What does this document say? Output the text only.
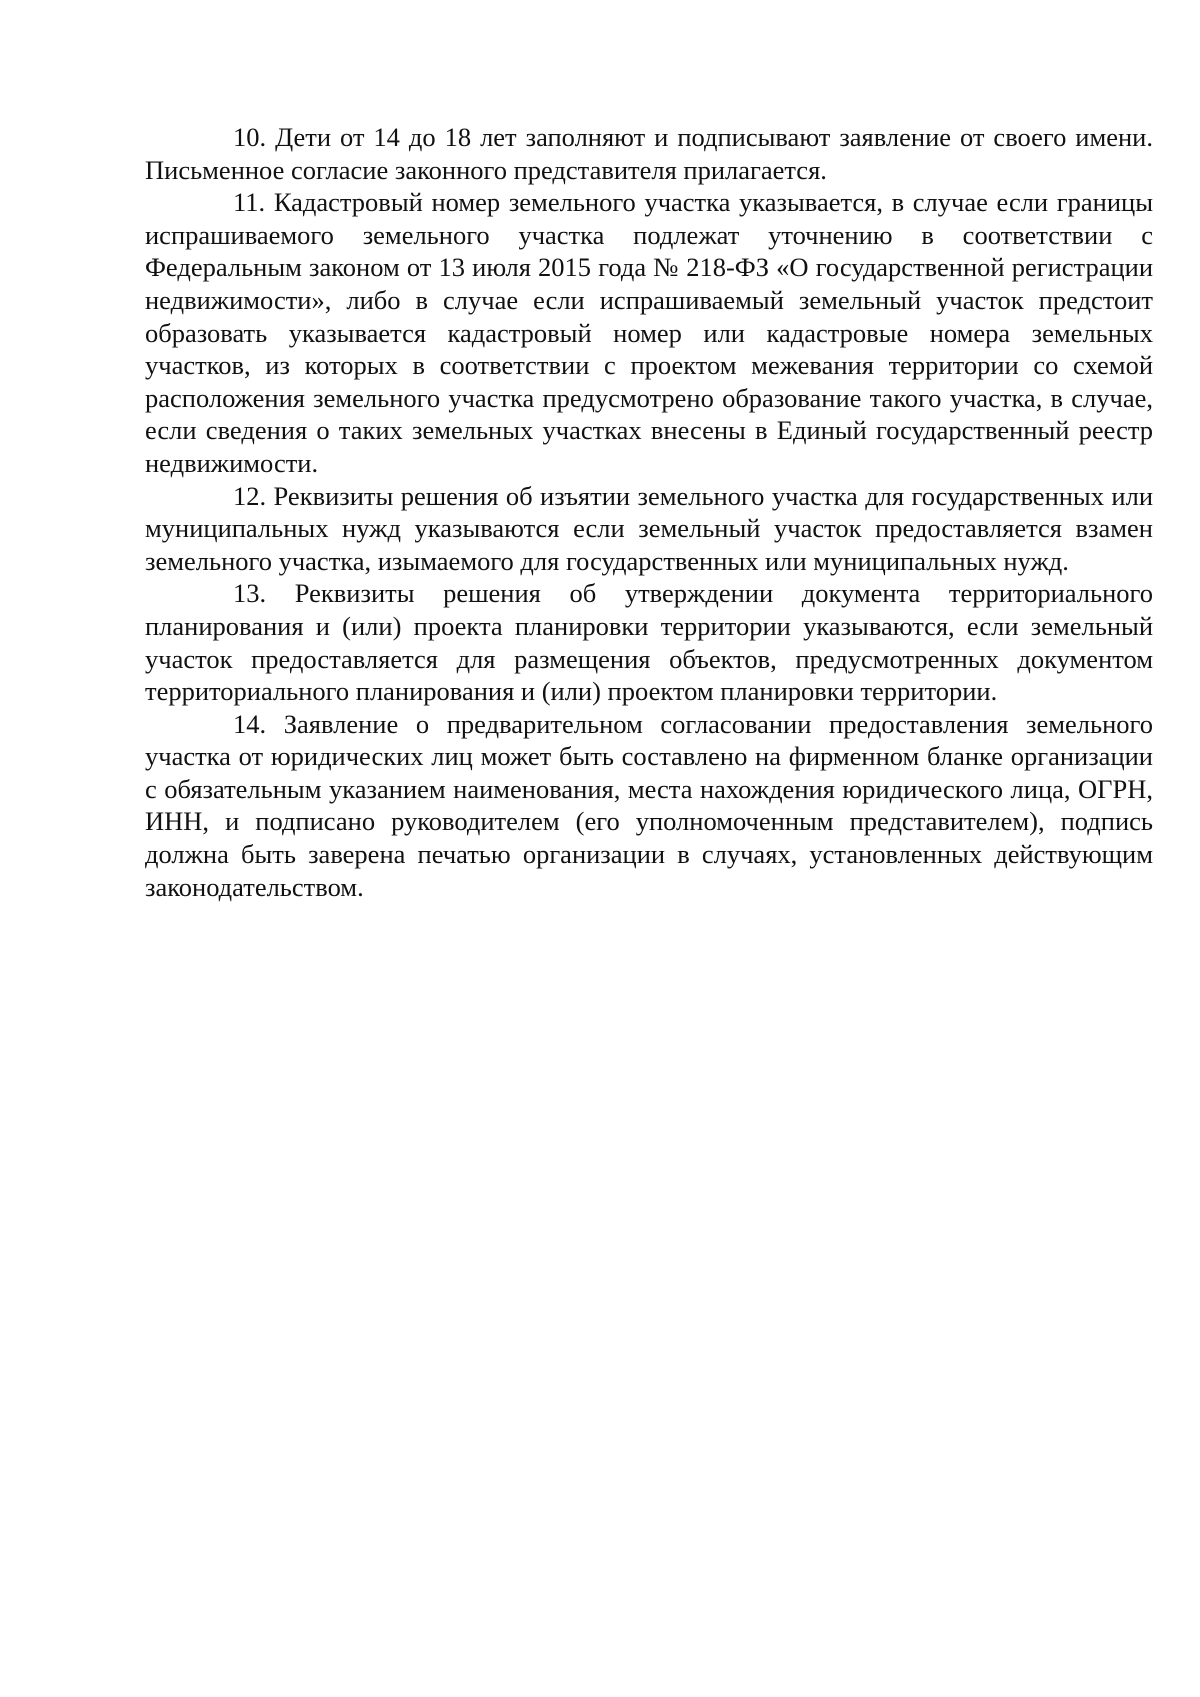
10. Дети от 14 до 18 лет заполняют и подписывают заявление от своего имени. Письменное согласие законного представителя прилагается.

11. Кадастровый номер земельного участка указывается, в случае если границы испрашиваемого земельного участка подлежат уточнению в соответствии с Федеральным законом от 13 июля 2015 года № 218-ФЗ «О государственной регистрации недвижимости», либо в случае если испрашиваемый земельный участок предстоит образовать указывается кадастровый номер или кадастровые номера земельных участков, из которых в соответствии с проектом межевания территории со схемой расположения земельного участка предусмотрено образование такого участка, в случае, если сведения о таких земельных участках внесены в Единый государственный реестр недвижимости.

12. Реквизиты решения об изъятии земельного участка для государственных или муниципальных нужд указываются если земельный участок предоставляется взамен земельного участка, изымаемого для государственных или муниципальных нужд.

13. Реквизиты решения об утверждении документа территориального планирования и (или) проекта планировки территории указываются, если земельный участок предоставляется для размещения объектов, предусмотренных документом территориального планирования и (или) проектом планировки территории.

14. Заявление о предварительном согласовании предоставления земельного участка от юридических лиц может быть составлено на фирменном бланке организации с обязательным указанием наименования, места нахождения юридического лица, ОГРН, ИНН, и подписано руководителем (его уполномоченным представителем), подпись должна быть заверена печатью организации в случаях, установленных действующим законодательством.
